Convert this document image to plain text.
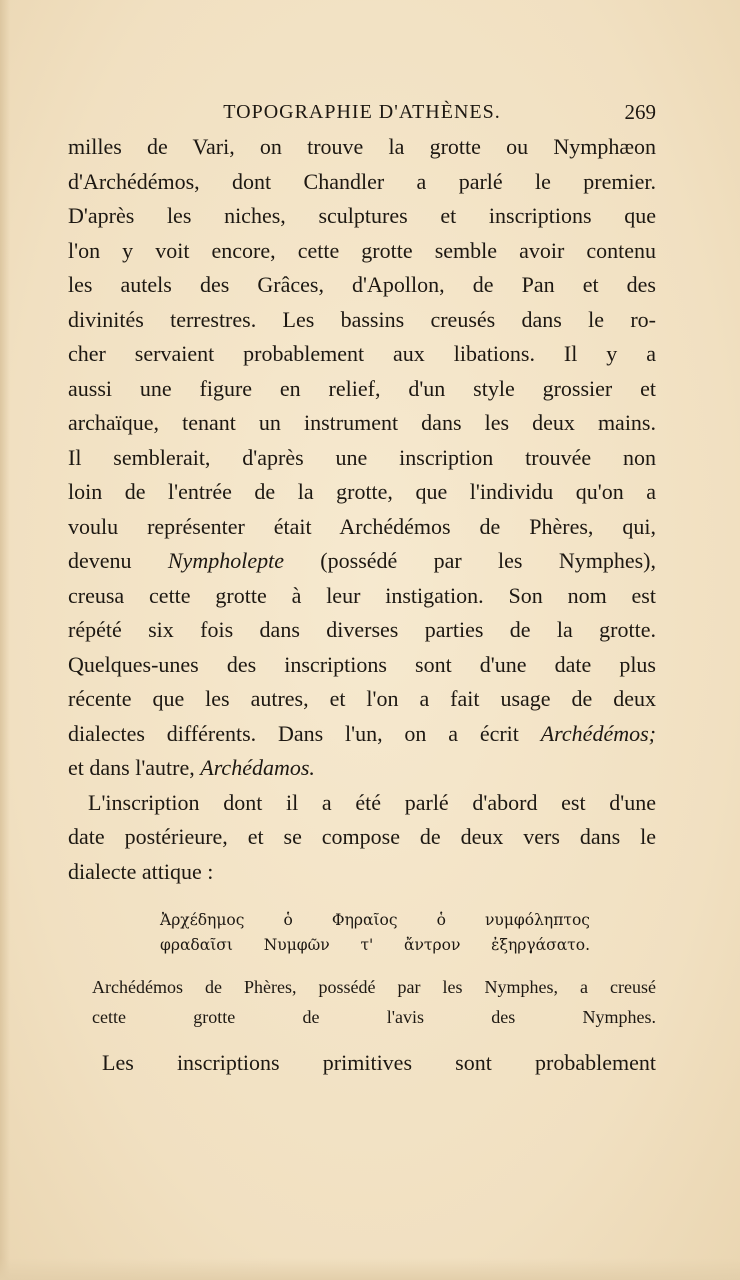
TOPOGRAPHIE D'ATHÈNES.	269
milles de Vari, on trouve la grotte ou Nymphæon
d'Archédémos, dont Chandler a parlé le premier.
D'après les niches, sculptures et inscriptions que
l'on y voit encore, cette grotte semble avoir contenu
les autels des Grâces, d'Apollon, de Pan et des
divinités terrestres. Les bassins creusés dans le ro-
cher servaient probablement aux libations. Il y a
aussi une figure en relief, d'un style grossier et
archaïque, tenant un instrument dans les deux mains.
Il semblerait, d'après une inscription trouvée non
loin de l'entrée de la grotte, que l'individu qu'on a
voulu représenter était Archédémos de Phères, qui,
devenu Nympholepte (possédé par les Nymphes),
creusa cette grotte à leur instigation. Son nom est
répété six fois dans diverses parties de la grotte.
Quelques-unes des inscriptions sont d'une date plus
récente que les autres, et l'on a fait usage de deux
dialectes différents. Dans l'un, on a écrit Archédémos;
et dans l'autre, Archédamos.
L'inscription dont il a été parlé d'abord est d'une
date postérieure, et se compose de deux vers dans le
dialecte attique :
Ἀρχέδημος ὁ Φηραῖος ὁ νυμφόληπτος
φραδαῖσι Νυμφῶν τ' ἄντρον ἐξηργάσατο.
Archédémos de Phères, possédé par les Nymphes, a creusé
cette grotte de l'avis des Nymphes.
Les inscriptions primitives sont probablement
